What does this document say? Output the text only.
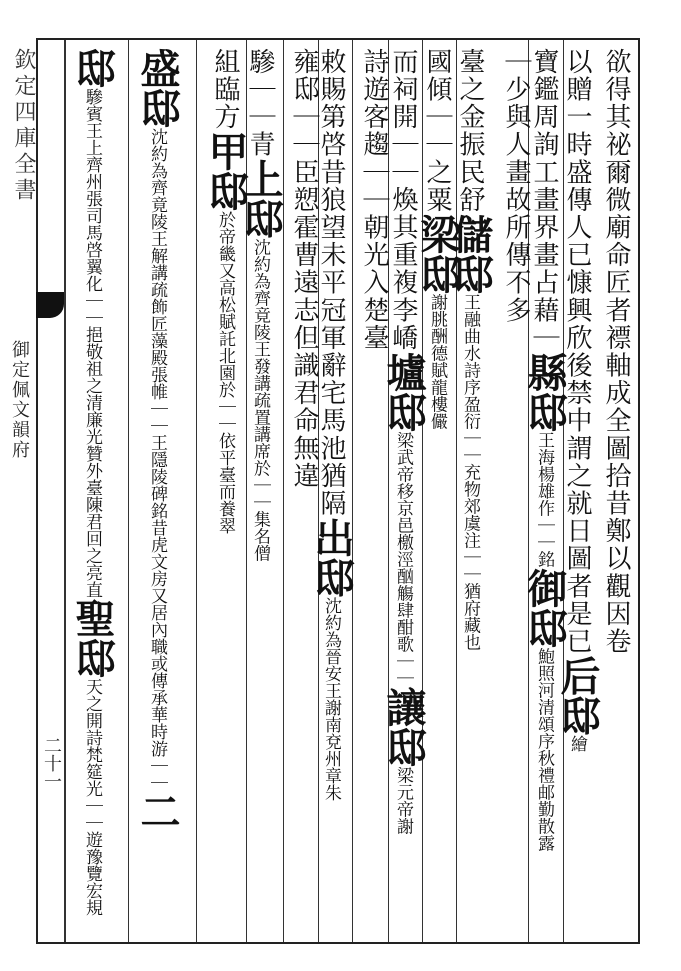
欽定四庫全書
御定佩文韻府
二十一
欲得其祕爾微廟命匠者褾軸成全圖拾昔鄭以觀因卷
以贈一時盛傳人已慷興欣後禁中謂之就日圖者是已后邸繪
寶鑑周詢工畫界畫占藉｜縣邸王海楊雄作｜｜銘御邸鮑照河清頌序秋禮邮勤散露
｜少與人畫故所傳不多
臺之金振民舒儲邸王融曲水詩序盈衍｜｜充物郊虞注｜｜猶府藏也
國傾｜｜之粟梁邸謝朓酬德賦龍樓儼
而祠開｜｜煥其重複李嶠壚邸梁武帝移京邑檄涇酗觴肆酣歌｜｜讓邸梁元帝謝
詩遊客趨｜｜朝光入楚臺
敕賜第啓昔狼望未平冠軍辭宅馬池猶隔出邸沈約為晉安王謝南兗州章朱
雍邸｜｜臣愬霍曹遠志但識君命無違
驂｜｜青上邸沈約為齊竟陵王發講疏置講席於｜｜集名僧
組臨方甲邸於帝畿又高松賦託北園於｜｜依平臺而養翠
盛邸沈約為齊竟陵王解講疏飾匠藻殿張帷｜｜王隱陵碑銘昔虎文房又居內職或傳承華時游｜｜二
邸驂賓王上齊州張司馬啓翼化｜｜挹敬祖之清廉光贊外臺陳君回之亮直聖邸天之開詩梵筵光｜｜遊豫覽宏規
